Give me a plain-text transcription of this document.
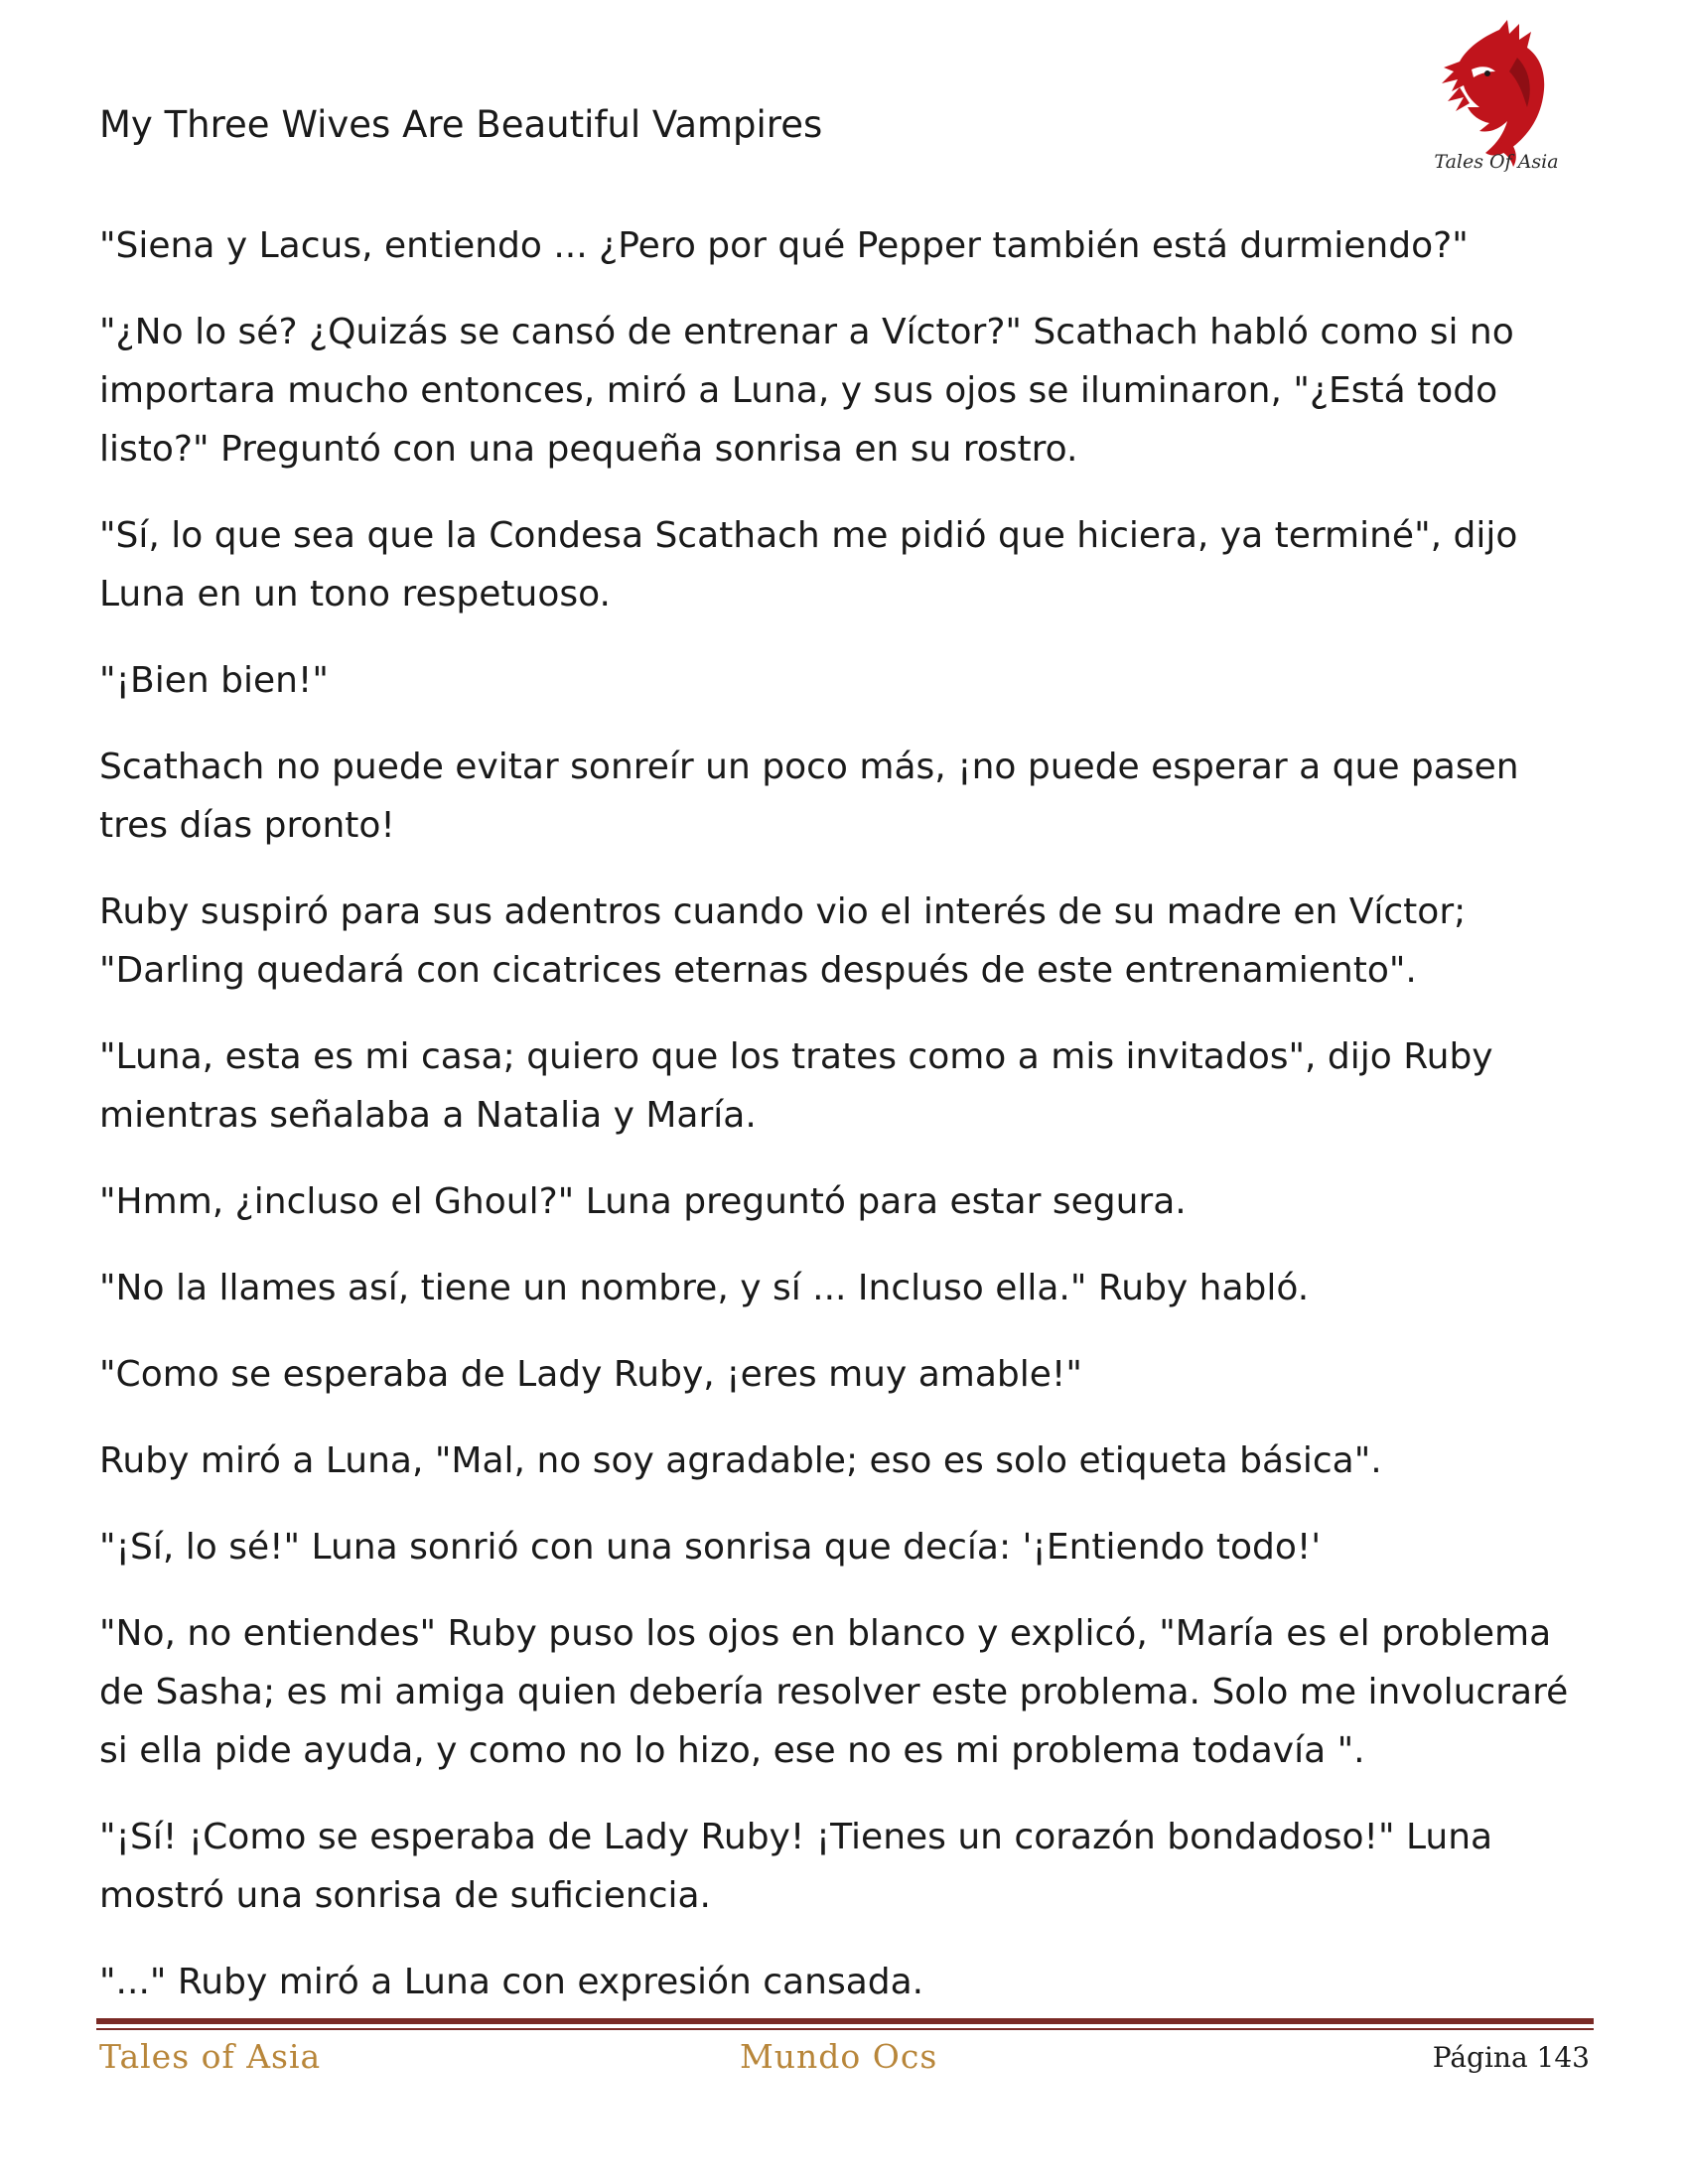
My Three Wives Are Beautiful Vampires
Tales Of Asia

"Siena y Lacus, entiendo ... ¿Pero por qué Pepper también está durmiendo?"

"¿No lo sé? ¿Quizás se cansó de entrenar a Víctor?" Scathach habló como si no importara mucho entonces, miró a Luna, y sus ojos se iluminaron, "¿Está todo listo?" Preguntó con una pequeña sonrisa en su rostro.

"Sí, lo que sea que la Condesa Scathach me pidió que hiciera, ya terminé", dijo Luna en un tono respetuoso.

"¡Bien bien!"

Scathach no puede evitar sonreír un poco más, ¡no puede esperar a que pasen tres días pronto!

Ruby suspiró para sus adentros cuando vio el interés de su madre en Víctor; "Darling quedará con cicatrices eternas después de este entrenamiento".

"Luna, esta es mi casa; quiero que los trates como a mis invitados", dijo Ruby mientras señalaba a Natalia y María.

"Hmm, ¿incluso el Ghoul?" Luna preguntó para estar segura.

"No la llames así, tiene un nombre, y sí ... Incluso ella." Ruby habló.

"Como se esperaba de Lady Ruby, ¡eres muy amable!"

Ruby miró a Luna, "Mal, no soy agradable; eso es solo etiqueta básica".

"¡Sí, lo sé!" Luna sonrió con una sonrisa que decía: '¡Entiendo todo!'

"No, no entiendes" Ruby puso los ojos en blanco y explicó, "María es el problema de Sasha; es mi amiga quien debería resolver este problema. Solo me involucraré si ella pide ayuda, y como no lo hizo, ese no es mi problema todavía ".

"¡Sí! ¡Como se esperaba de Lady Ruby! ¡Tienes un corazón bondadoso!" Luna mostró una sonrisa de suficiencia.

"..." Ruby miró a Luna con expresión cansada.

Tales of Asia	Mundo Ocs	Página 143
